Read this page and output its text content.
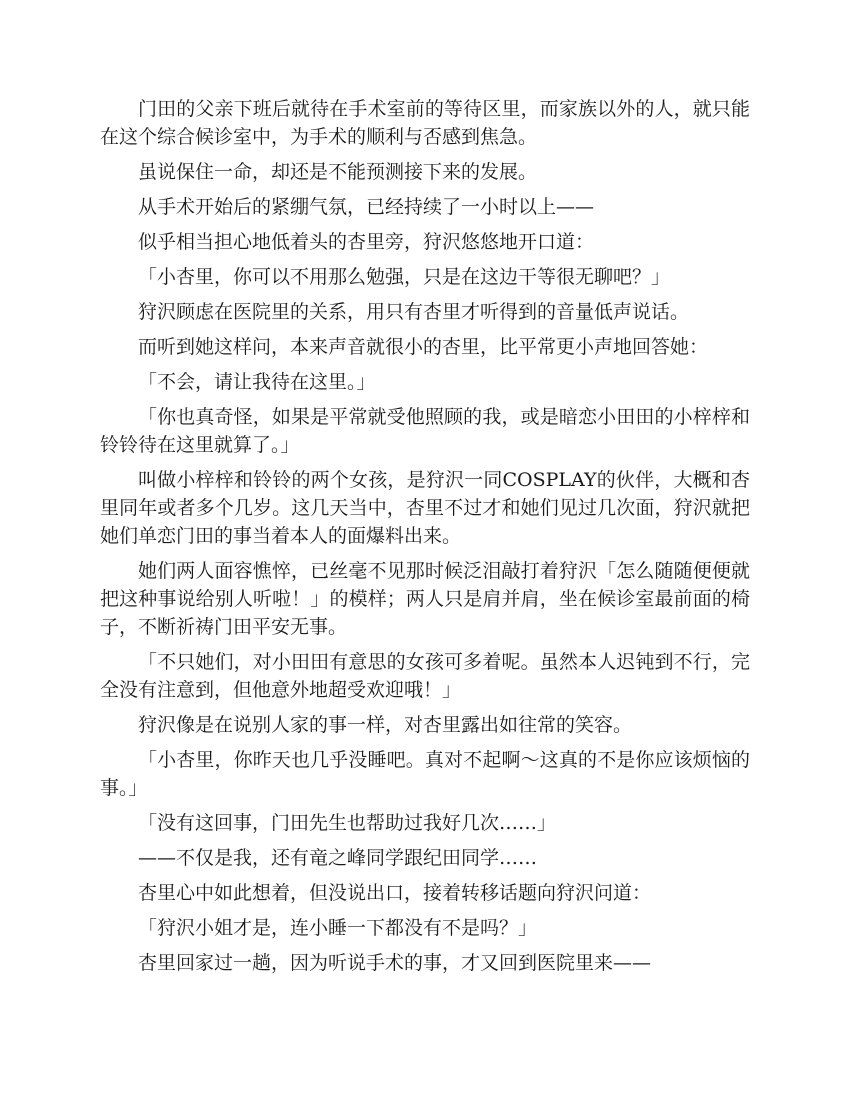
门田的父亲下班后就待在手术室前的等待区里，而家族以外的人，就只能在这个综合候诊室中，为手术的顺利与否感到焦急。

虽说保住一命，却还是不能预测接下来的发展。

从手术开始后的紧绷气氛，已经持续了一小时以上——

似乎相当担心地低着头的杏里旁，狩沢悠悠地开口道：

「小杏里，你可以不用那么勉强，只是在这边干等很无聊吧？」

狩沢顾虑在医院里的关系，用只有杏里才听得到的音量低声说话。

而听到她这样问，本来声音就很小的杏里，比平常更小声地回答她：

「不会，请让我待在这里。」

「你也真奇怪，如果是平常就受他照顾的我，或是暗恋小田田的小梓梓和铃铃待在这里就算了。」

叫做小梓梓和铃铃的两个女孩，是狩沢一同COSPLAY的伙伴，大概和杏里同年或者多个几岁。这几天当中，杏里不过才和她们见过几次面，狩沢就把她们单恋门田的事当着本人的面爆料出来。

她们两人面容憔悴，已丝毫不见那时候泛泪敲打着狩沢「怎么随随便便就把这种事说给别人听啦！」的模样；两人只是肩并肩，坐在候诊室最前面的椅子，不断祈祷门田平安无事。

「不只她们，对小田田有意思的女孩可多着呢。虽然本人迟钝到不行，完全没有注意到，但他意外地超受欢迎哦！」

狩沢像是在说别人家的事一样，对杏里露出如往常的笑容。

「小杏里，你昨天也几乎没睡吧。真对不起啊～这真的不是你应该烦恼的事。」

「没有这回事，门田先生也帮助过我好几次……」

——不仅是我，还有竜之峰同学跟纪田同学……

杏里心中如此想着，但没说出口，接着转移话题向狩沢问道：

「狩沢小姐才是，连小睡一下都没有不是吗？」

杏里回家过一趟，因为听说手术的事，才又回到医院里来——
